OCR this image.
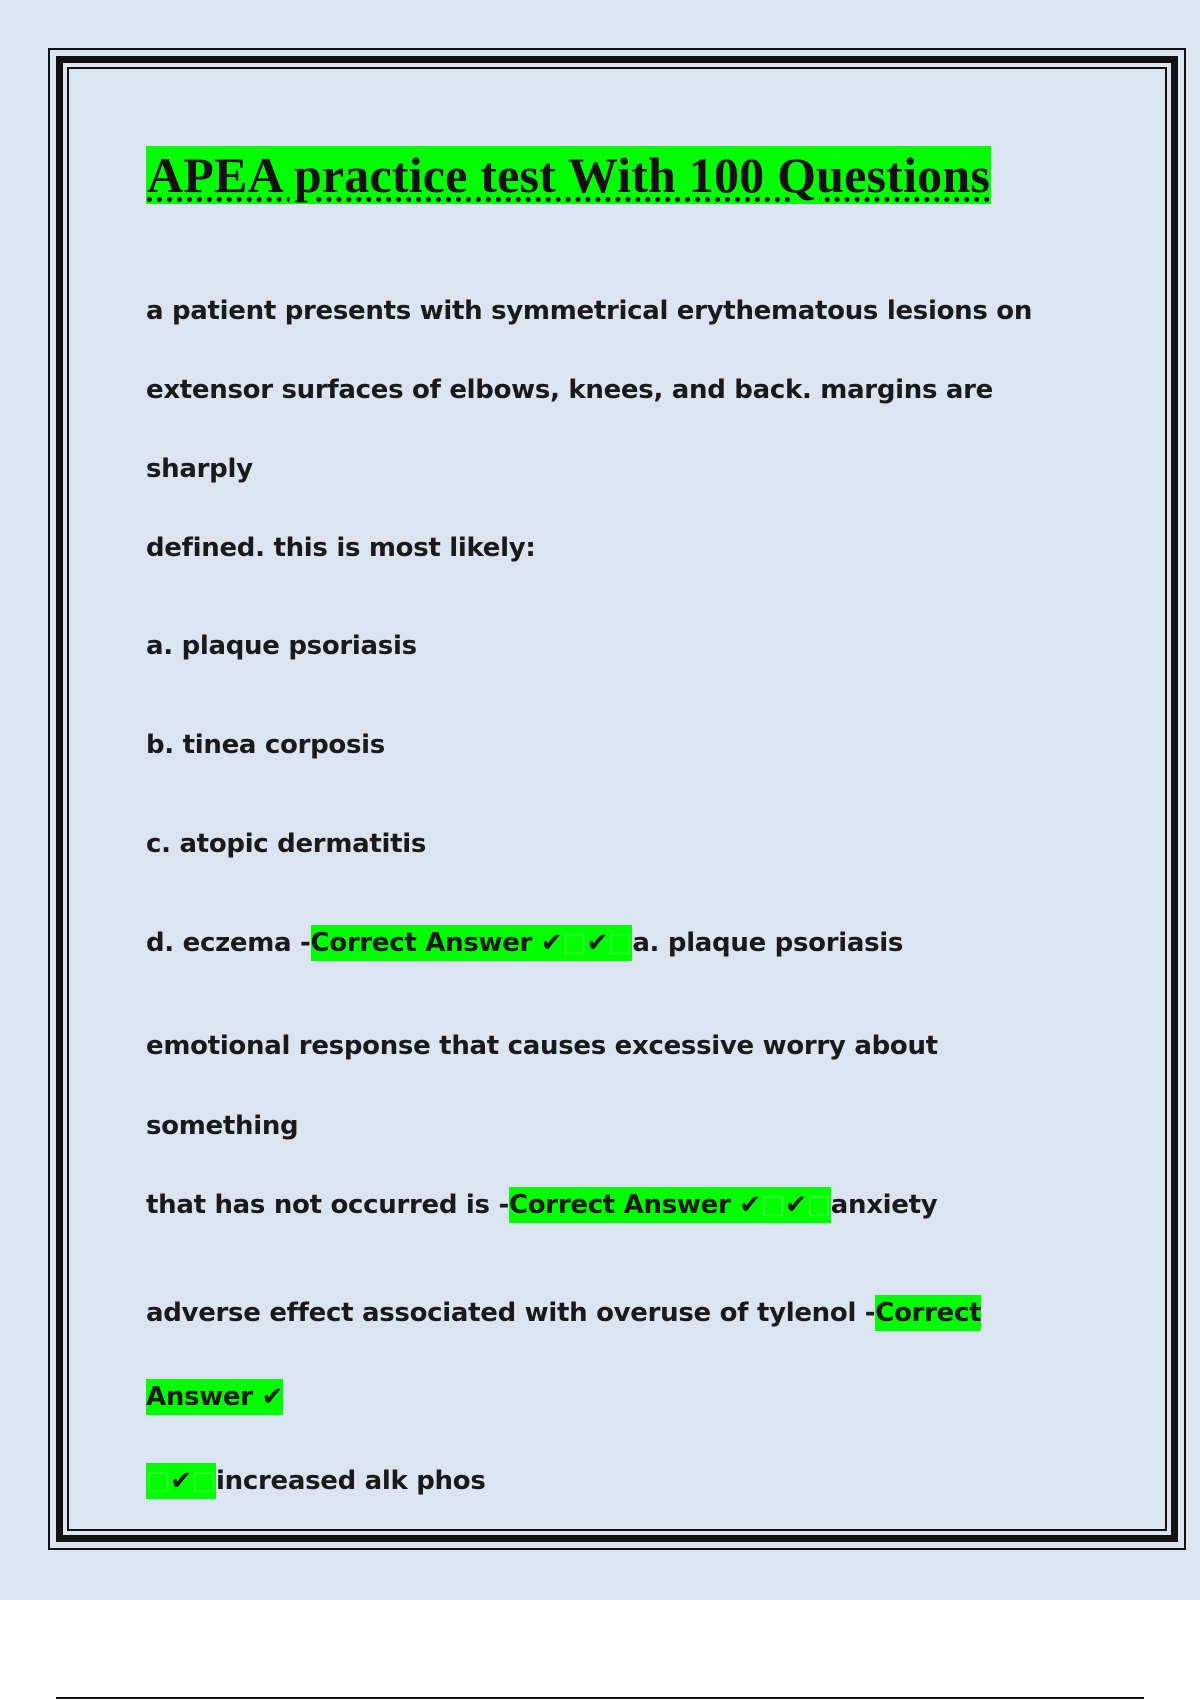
APEA practice test With 100 Questions

a patient presents with symmetrical erythematous lesions on

extensor surfaces of elbows, knees, and back. margins are sharply

defined. this is most likely:

a. plaque psoriasis

b. tinea corposis

c. atopic dermatitis

d. eczema -Correct Answer ✔□✔□a. plaque psoriasis

emotional response that causes excessive worry about something

that has not occurred is -Correct Answer ✔□✔□anxiety

adverse effect associated with overuse of tylenol -Correct Answer ✔
□✔□increased alk phos
